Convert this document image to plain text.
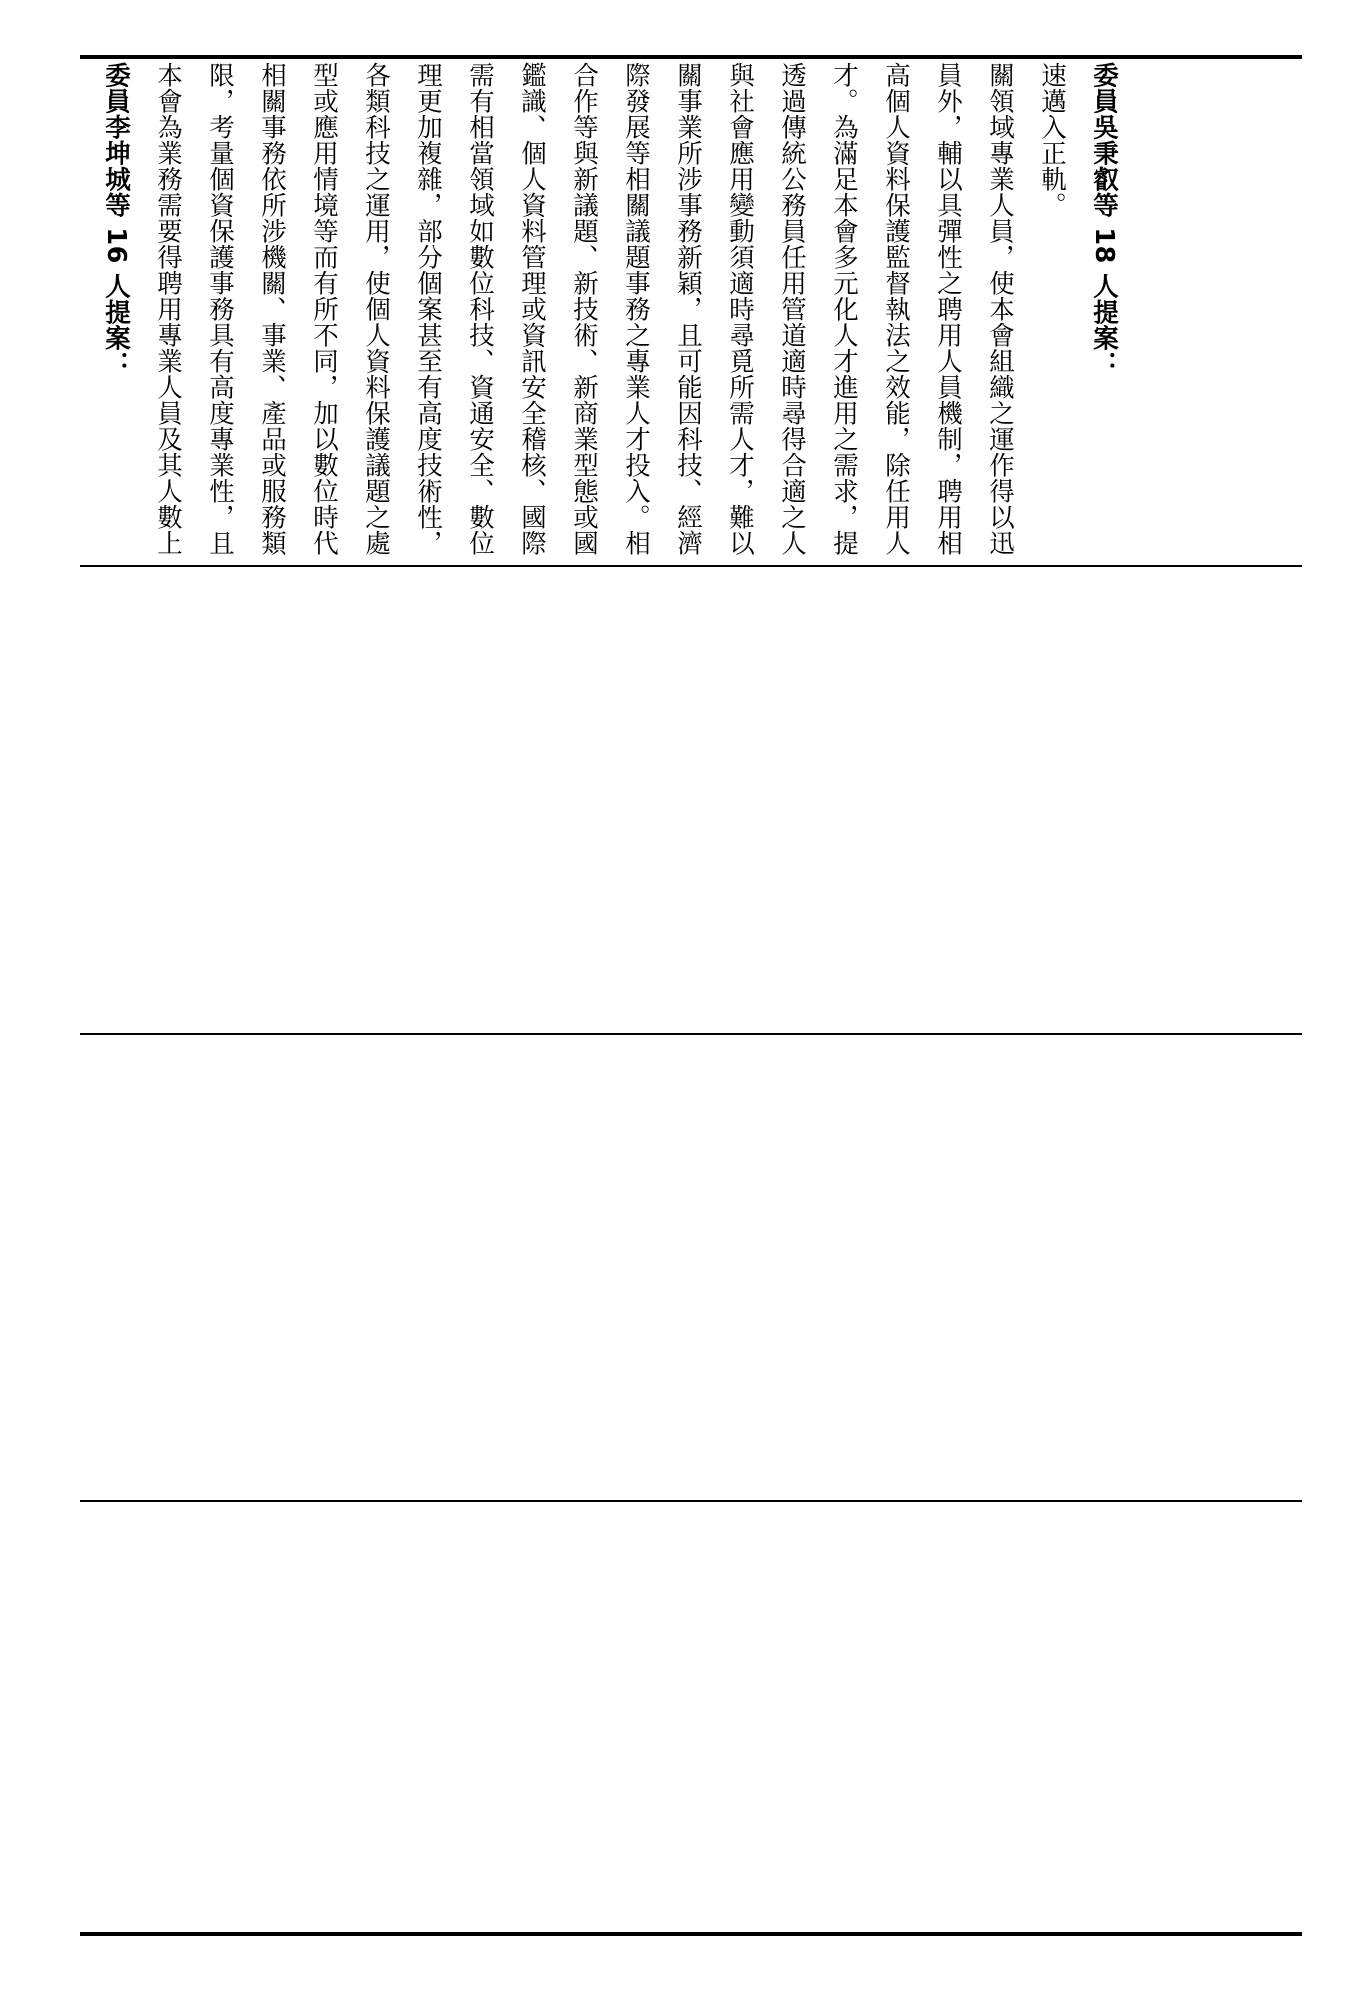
委員李坤城等 16 人提案： 本會為業務需要得聘用專業人員及其人數上限，考量個資保護事務具有高度專業性，且相關事務依所涉機關、事業、產品或服務類型或應用情境等而有所不同，加以數位時代各類科技之運用，使個人資料保護議題之處理更加複雜，部分個案甚至有高度技術性，需有相當領域如數位科技、資通安全、數位鑑識、個人資料管理或資訊安全稽核、國際合作等與新議題、新技術、新商業型態或國際發展等相關議題事務之專業人才投入。相關事業所涉事務新穎，且可能因科技、經濟與社會應用變動須適時尋覓所需人才，難以透過傳統公務員任用管道適時尋得合適之人才。為滿足本會多元化人才進用之需求，提高個人資料保護監督執法之效能，除任用人員外，輔以具彈性之聘用人員機制，聘用相關領域專業人員，使本會組織之運作得以迅速邁入正軌。 委員吳秉叡等 18 人提案：
